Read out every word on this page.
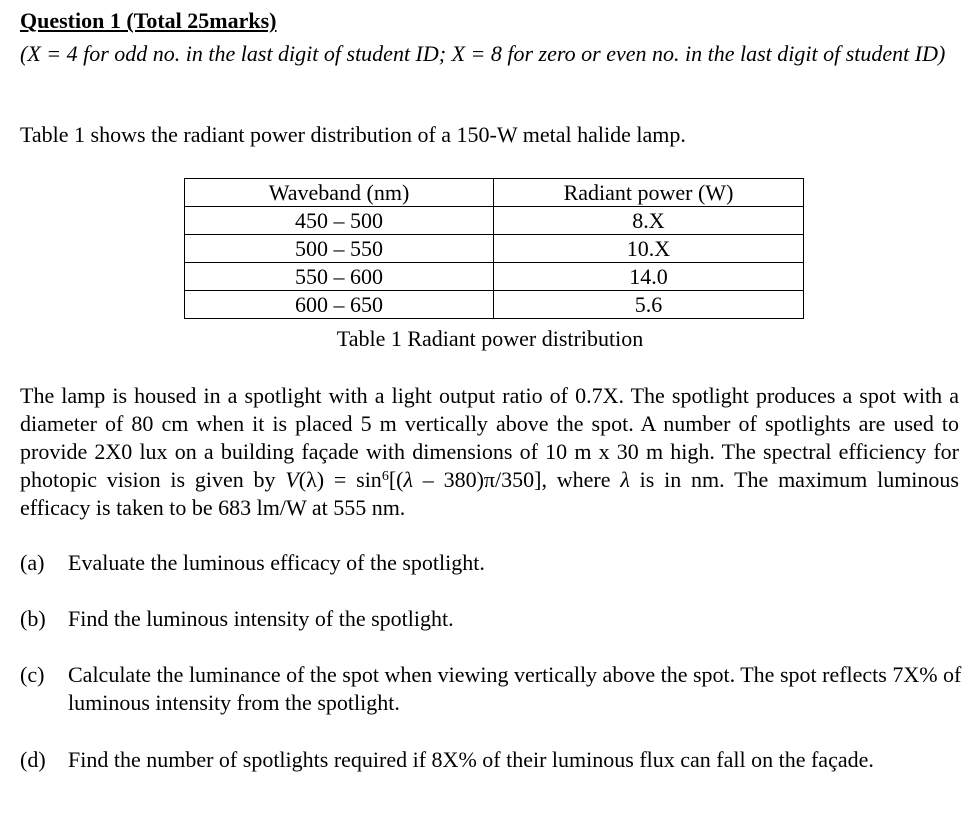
Question 1 (Total 25marks)
(X = 4 for odd no. in the last digit of student ID; X = 8 for zero or even no. in the last digit of student ID)
Table 1 shows the radiant power distribution of a 150-W metal halide lamp.
Waveband (nm)	Radiant power (W)
450 – 500	8.X
500 – 550	10.X
550 – 600	14.0
600 – 650	5.6
Table 1 Radiant power distribution
The lamp is housed in a spotlight with a light output ratio of 0.7X. The spotlight produces a spot with a diameter of 80 cm when it is placed 5 m vertically above the spot. A number of spotlights are used to provide 2X0 lux on a building façade with dimensions of 10 m x 30 m high. The spectral efficiency for photopic vision is given by $V(\lambda) = \sin^6[(\lambda - 380)\pi/350]$, where λ is in nm. The maximum luminous efficacy is taken to be 683 lm/W at 555 nm.
(a)	Evaluate the luminous efficacy of the spotlight.
(b)	Find the luminous intensity of the spotlight.
(c)	Calculate the luminance of the spot when viewing vertically above the spot. The spot reflects 7X% of luminous intensity from the spotlight.
(d)	Find the number of spotlights required if 8X% of their luminous flux can fall on the façade.
